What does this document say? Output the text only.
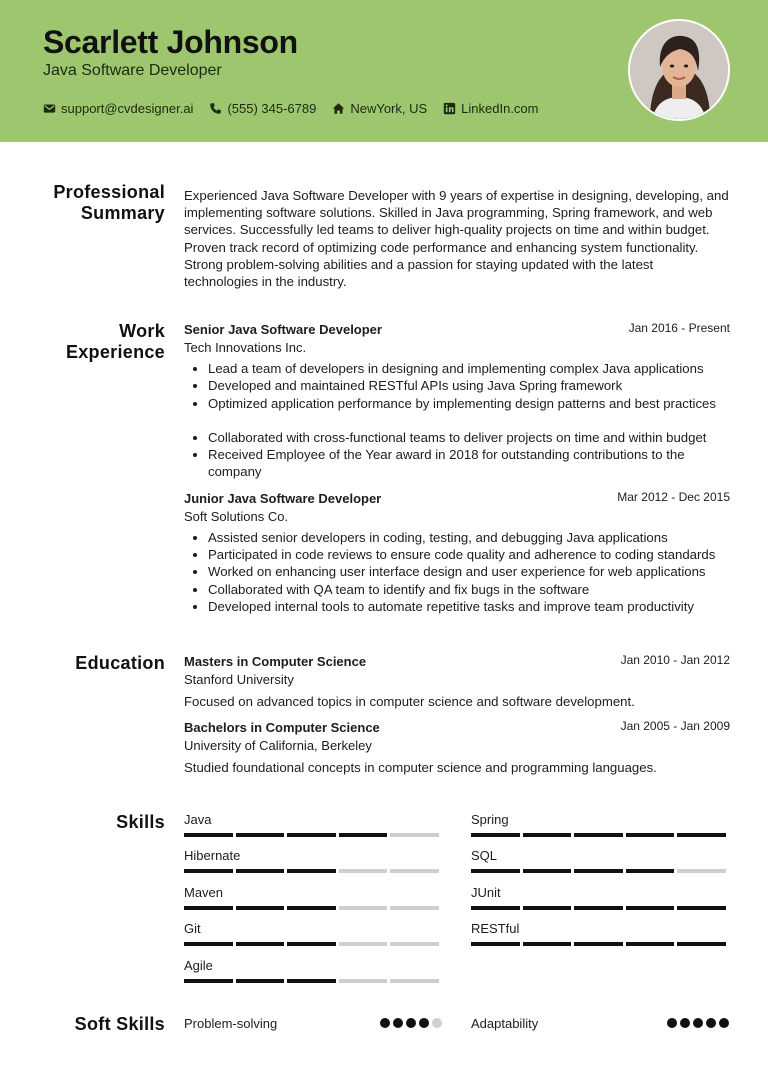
Scarlett Johnson
Java Software Developer
support@cvdesigner.ai	(555) 345-6789	NewYork, US	LinkedIn.com
Professional
Summary

Experienced Java Software Developer with 9 years of expertise in designing, developing, and implementing software solutions. Skilled in Java programming, Spring framework, and web services. Successfully led teams to deliver high-quality projects on time and within budget. Proven track record of optimizing code performance and enhancing system functionality. Strong problem-solving abilities and a passion for staying updated with the latest technologies in the industry.

Work
Experience
Senior Java Software Developer	Jan 2016 - Present
Tech Innovations Inc.
• Lead a team of developers in designing and implementing complex Java applications
• Developed and maintained RESTful APIs using Java Spring framework
• Optimized application performance by implementing design patterns and best practices
• Collaborated with cross-functional teams to deliver projects on time and within budget
• Received Employee of the Year award in 2018 for outstanding contributions to the company
Junior Java Software Developer	Mar 2012 - Dec 2015
Soft Solutions Co.
• Assisted senior developers in coding, testing, and debugging Java applications
• Participated in code reviews to ensure code quality and adherence to coding standards
• Worked on enhancing user interface design and user experience for web applications
• Collaborated with QA team to identify and fix bugs in the software
• Developed internal tools to automate repetitive tasks and improve team productivity
Education Masters in Computer Science	Jan 2010 - Jan 2012
Stanford University

Focused on advanced topics in computer science and software development.

Bachelors in Computer Science	Jan 2005 - Jan 2009
University of California, Berkeley

Studied foundational concepts in computer science and programming languages.

Skills Java	Spring
Hibernate	SQL
Maven	JUnit
Git	RESTful
Agile
Soft Skills Problem-solving	Adaptability
